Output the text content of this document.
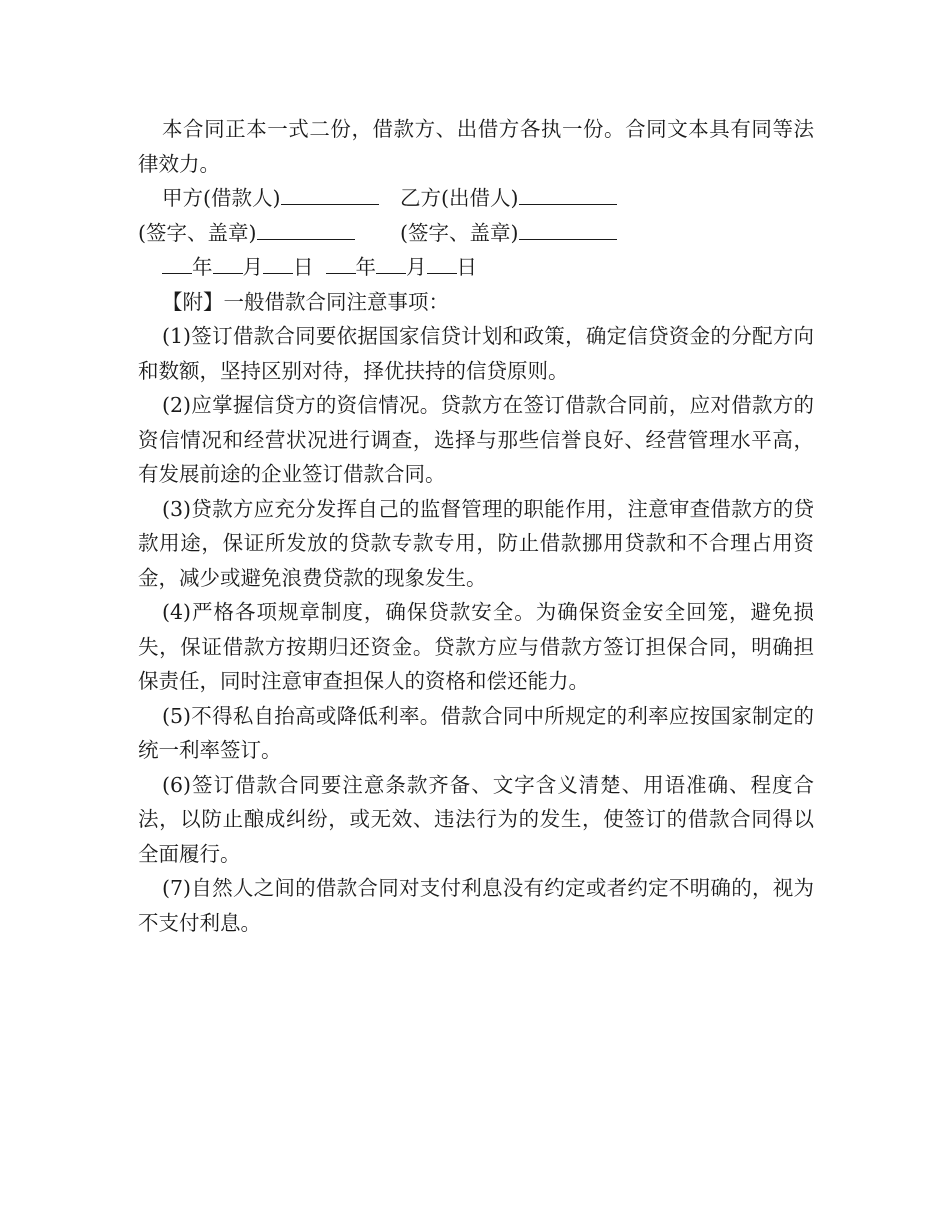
本合同正本一式二份，借款方、出借方各执一份。合同文本具有同等法律效力。

甲方(借款人)	乙方(出借人)
(签字、盖章)	(签字、盖章)
年 月 日 年 月 日

【附】一般借款合同注意事项：

(1)签订借款合同要依据国家信贷计划和政策，确定信贷资金的分配方向和数额，坚持区别对待，择优扶持的信贷原则。

(2)应掌握信贷方的资信情况。贷款方在签订借款合同前，应对借款方的资信情况和经营状况进行调查，选择与那些信誉良好、经营管理水平高，有发展前途的企业签订借款合同。

(3)贷款方应充分发挥自己的监督管理的职能作用，注意审查借款方的贷款用途，保证所发放的贷款专款专用，防止借款挪用贷款和不合理占用资金，减少或避免浪费贷款的现象发生。

(4)严格各项规章制度，确保贷款安全。为确保资金安全回笼，避免损失，保证借款方按期归还资金。贷款方应与借款方签订担保合同，明确担保责任，同时注意审查担保人的资格和偿还能力。

(5)不得私自抬高或降低利率。借款合同中所规定的利率应按国家制定的统一利率签订。

(6)签订借款合同要注意条款齐备、文字含义清楚、用语准确、程度合法，以防止酿成纠纷，或无效、违法行为的发生，使签订的借款合同得以全面履行。

(7)自然人之间的借款合同对支付利息没有约定或者约定不明确的，视为不支付利息。
